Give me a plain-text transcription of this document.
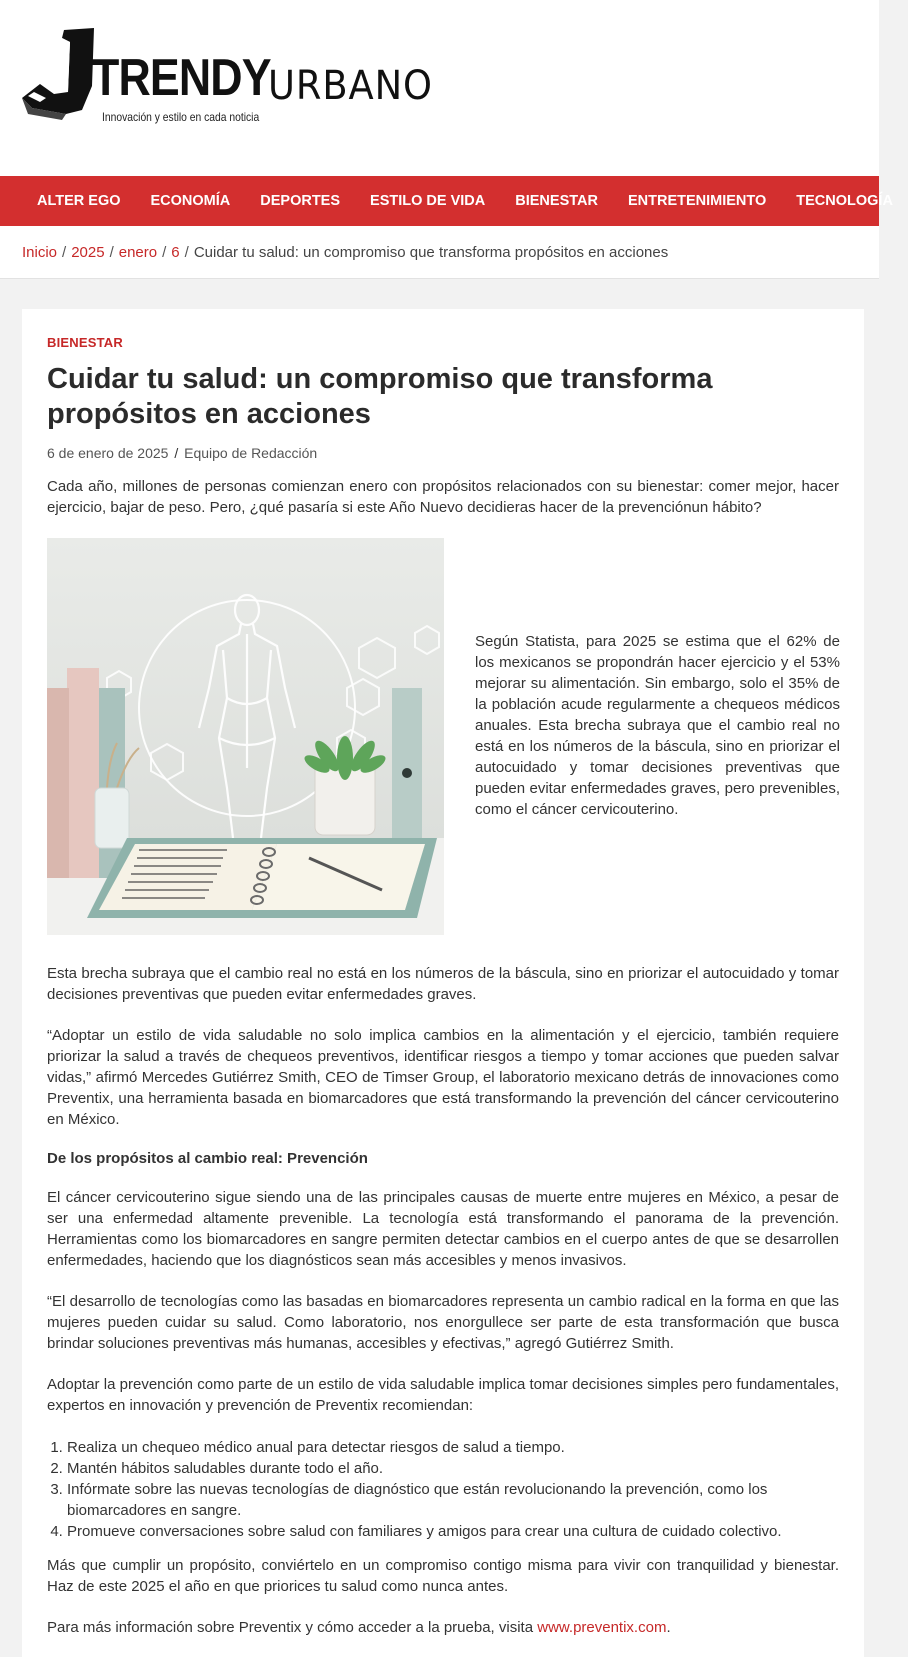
TRENDY
URBANO
Innovación y estilo en cada noticia
ALTER EGO	ECONOMÍA	DEPORTES	ESTILO DE VIDA	BIENESTAR	ENTRETENIMIENTO	TECNOLOGÍA
Inicio / 2025 / enero / 6 / Cuidar tu salud: un compromiso que transforma propósitos en acciones
BIENESTAR
Cuidar tu salud: un compromiso que transforma propósitos en acciones
6 de enero de 2025 / Equipo de Redacción

Cada año, millones de personas comienzan enero con propósitos relacionados con su bienestar: comer mejor, hacer ejercicio, bajar de peso. Pero, ¿qué pasaría si este Año Nuevo decidieras hacer de la prevenciónun hábito?

Según Statista, para 2025 se estima que el 62% de los mexicanos se propondrán hacer ejercicio y el 53% mejorar su alimentación. Sin embargo, solo el 35% de la población acude regularmente a chequeos médicos anuales. Esta brecha subraya que el cambio real no está en los números de la báscula, sino en priorizar el autocuidado y tomar decisiones preventivas que pueden evitar enfermedades graves, pero prevenibles, como el cáncer cervicouterino.

Esta brecha subraya que el cambio real no está en los números de la báscula, sino en priorizar el autocuidado y tomar decisiones preventivas que pueden evitar enfermedades graves.

“Adoptar un estilo de vida saludable no solo implica cambios en la alimentación y el ejercicio, también requiere priorizar la salud a través de chequeos preventivos, identificar riesgos a tiempo y tomar acciones que pueden salvar vidas,” afirmó Mercedes Gutiérrez Smith, CEO de Timser Group, el laboratorio mexicano detrás de innovaciones como Preventix, una herramienta basada en biomarcadores que está transformando la prevención del cáncer cervicouterino en México.

De los propósitos al cambio real: Prevención

El cáncer cervicouterino sigue siendo una de las principales causas de muerte entre mujeres en México, a pesar de ser una enfermedad altamente prevenible. La tecnología está transformando el panorama de la prevención. Herramientas como los biomarcadores en sangre permiten detectar cambios en el cuerpo antes de que se desarrollen enfermedades, haciendo que los diagnósticos sean más accesibles y menos invasivos.

“El desarrollo de tecnologías como las basadas en biomarcadores representa un cambio radical en la forma en que las mujeres pueden cuidar su salud. Como laboratorio, nos enorgullece ser parte de esta transformación que busca brindar soluciones preventivas más humanas, accesibles y efectivas,” agregó Gutiérrez Smith.

Adoptar la prevención como parte de un estilo de vida saludable implica tomar decisiones simples pero fundamentales, expertos en innovación y prevención de Preventix recomiendan:

1. Realiza un chequeo médico anual para detectar riesgos de salud a tiempo.
2. Mantén hábitos saludables durante todo el año.
3. Infórmate sobre las nuevas tecnologías de diagnóstico que están revolucionando la prevención, como los biomarcadores en sangre.
4. Promueve conversaciones sobre salud con familiares y amigos para crear una cultura de cuidado colectivo.

Más que cumplir un propósito, conviértelo en un compromiso contigo misma para vivir con tranquilidad y bienestar. Haz de este 2025 el año en que priorices tu salud como nunca antes.

Para más información sobre Preventix y cómo acceder a la prueba, visita www.preventix.com.
